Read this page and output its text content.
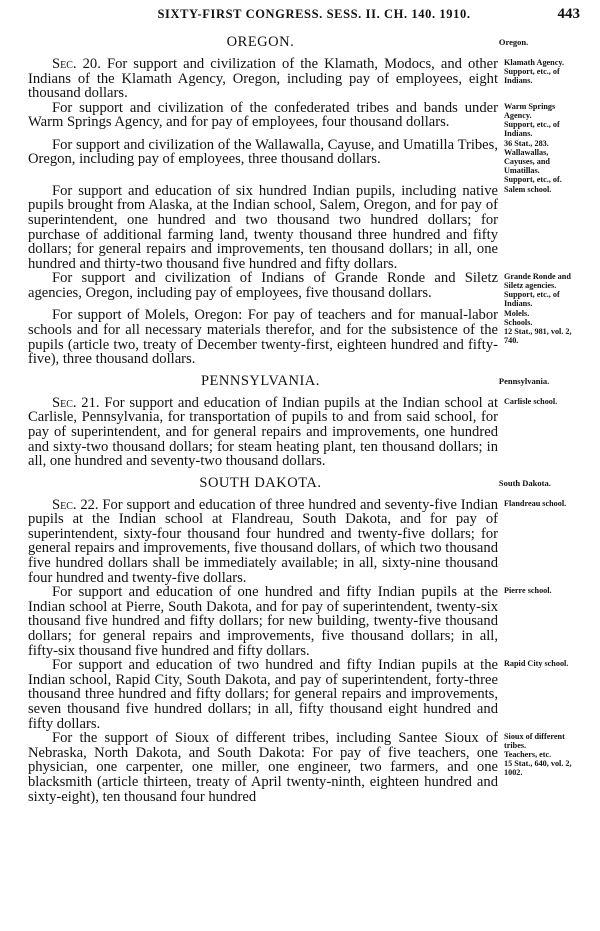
SIXTY-FIRST CONGRESS. SESS. II. CH. 140. 1910.	443
OREGON.	Oregon.

Sec. 20. For support and civilization of the Klamath, Modocs, and other Indians of the Klamath Agency, Oregon, including pay of employees, eight thousand dollars.

Klamath Agency.
Support, etc., of Indians.

For support and civilization of the confederated tribes and bands under Warm Springs Agency, and for pay of employees, four thousand dollars.

Warm Springs Agency.
Support, etc., of Indians.

For support and civilization of the Wallawalla, Cayuse, and Umatilla Tribes, Oregon, including pay of employees, three thousand dollars.

36 Stat., 283.
Wallawallas, Cayuses, and Umatillas.
Support, etc., of.

For support and education of six hundred Indian pupils, including native pupils brought from Alaska, at the Indian school, Salem, Oregon, and for pay of superintendent, one hundred and two thousand two hundred dollars; for purchase of additional farming land, twenty thousand three hundred and fifty dollars; for general repairs and improvements, ten thousand dollars; in all, one hundred and thirty-two thousand five hundred and fifty dollars.

Salem school.

For support and civilization of Indians of Grande Ronde and Siletz agencies, Oregon, including pay of employees, five thousand dollars.

Grande Ronde and Siletz agencies.
Support, etc., of Indians.

For support of Molels, Oregon: For pay of teachers and for manual-labor schools and for all necessary materials therefor, and for the subsistence of the pupils (article two, treaty of December twenty-first, eighteen hundred and fifty-five), three thousand dollars.

Molels.
Schools.
12 Stat., 981, vol. 2, 740.
PENNSYLVANIA.	Pennsylvania.

Sec. 21. For support and education of Indian pupils at the Indian school at Carlisle, Pennsylvania, for transportation of pupils to and from said school, for pay of superintendent, and for general repairs and improvements, one hundred and sixty-two thousand dollars; for steam heating plant, ten thousand dollars; in all, one hundred and seventy-two thousand dollars.

Carlisle school.
SOUTH DAKOTA.	South Dakota.

Sec. 22. For support and education of three hundred and seventy-five Indian pupils at the Indian school at Flandreau, South Dakota, and for pay of superintendent, sixty-four thousand four hundred and twenty-five dollars; for general repairs and improvements, five thousand dollars, of which two thousand five hundred dollars shall be immediately available; in all, sixty-nine thousand four hundred and twenty-five dollars.

Flandreau school.

For support and education of one hundred and fifty Indian pupils at the Indian school at Pierre, South Dakota, and for pay of superintendent, twenty-six thousand five hundred and fifty dollars; for new building, twenty-five thousand dollars; for general repairs and improvements, five thousand dollars; in all, fifty-six thousand five hundred and fifty dollars.

Pierre school.

For support and education of two hundred and fifty Indian pupils at the Indian school, Rapid City, South Dakota, and pay of superintendent, forty-three thousand three hundred and fifty dollars; for general repairs and improvements, seven thousand five hundred dollars; in all, fifty thousand eight hundred and fifty dollars.

Rapid City school.

For the support of Sioux of different tribes, including Santee Sioux of Nebraska, North Dakota, and South Dakota: For pay of five teachers, one physician, one carpenter, one miller, one engineer, two farmers, and one blacksmith (article thirteen, treaty of April twenty-ninth, eighteen hundred and sixty-eight), ten thousand four hundred

Sioux of different tribes.
Teachers, etc.
15 Stat., 640, vol. 2, 1002.
